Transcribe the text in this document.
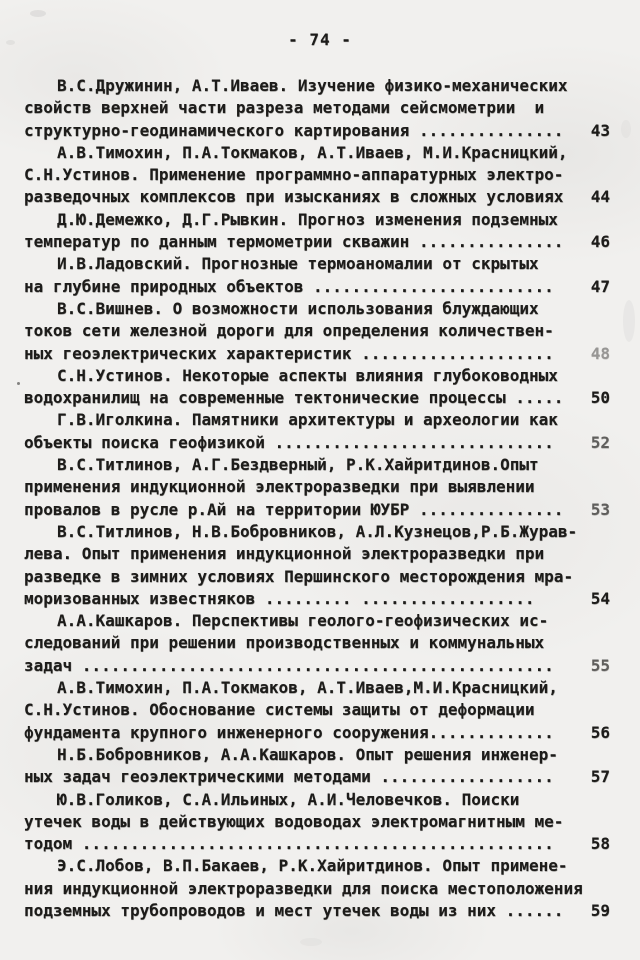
- 74 -
В.С.Дружинин, А.Т.Иваев. Изучение физико-механических
свойств верхней части разреза методами сейсмометрии  и
структурно-геодинамического картирования ............... 43
А.В.Тимохин, П.А.Токмаков, А.Т.Иваев, М.И.Красницкий,
С.Н.Устинов. Применение программно-аппаратурных электро-
разведочных комплексов при изысканиях в сложных условиях 44
Д.Ю.Демежко, Д.Г.Рывкин. Прогноз изменения подземных
температур по данным термометрии скважин ............... 46
И.В.Ладовский. Прогнозные термоаномалии от скрытых
на глубине природных объектов ......................... 47
В.С.Вишнев. О возможности использования блуждающих
токов сети железной дороги для определения количествен-
ных геоэлектрических характеристик .................... 48
С.Н.Устинов. Некоторые аспекты влияния глубоководных
водохранилищ на современные тектонические процессы ..... 50
Г.В.Иголкина. Памятники архитектуры и археологии как
объекты поиска геофизикой ............................. 52
В.С.Титлинов, А.Г.Бездверный, Р.К.Хайритдинов.Опыт
применения индукционной электроразведки при выявлении
провалов в русле р.Ай на территории ЮУБР ............... 53
В.С.Титлинов, Н.В.Бобровников, А.Л.Кузнецов,Р.Б.Журав-
лева. Опыт применения индукционной электроразведки при
разведке в зимних условиях Першинского месторождения мра-
моризованных известняков ......... ..................	54
А.А.Кашкаров. Перспективы геолого-геофизических ис-
следований при решении производственных и коммунальных
задач ................................................. 55
А.В.Тимохин, П.А.Токмаков, А.Т.Иваев,М.И.Красницкий,
С.Н.Устинов. Обоснование системы защиты от деформации
фундамента крупного инженерного сооружения............. 56
Н.Б.Бобровников, А.А.Кашкаров. Опыт решения инженер-
ных задач геоэлектрическими методами .................. 57
Ю.В.Голиков, С.А.Ильиных, А.И.Человечков. Поиски
утечек воды в действующих водоводах электромагнитным ме-
тодом ................................................. 58
Э.С.Лобов, В.П.Бакаев, Р.К.Хайритдинов. Опыт примене-
ния индукционной электроразведки для поиска местоположения
подземных трубопроводов и мест утечек воды из них ...... 59
